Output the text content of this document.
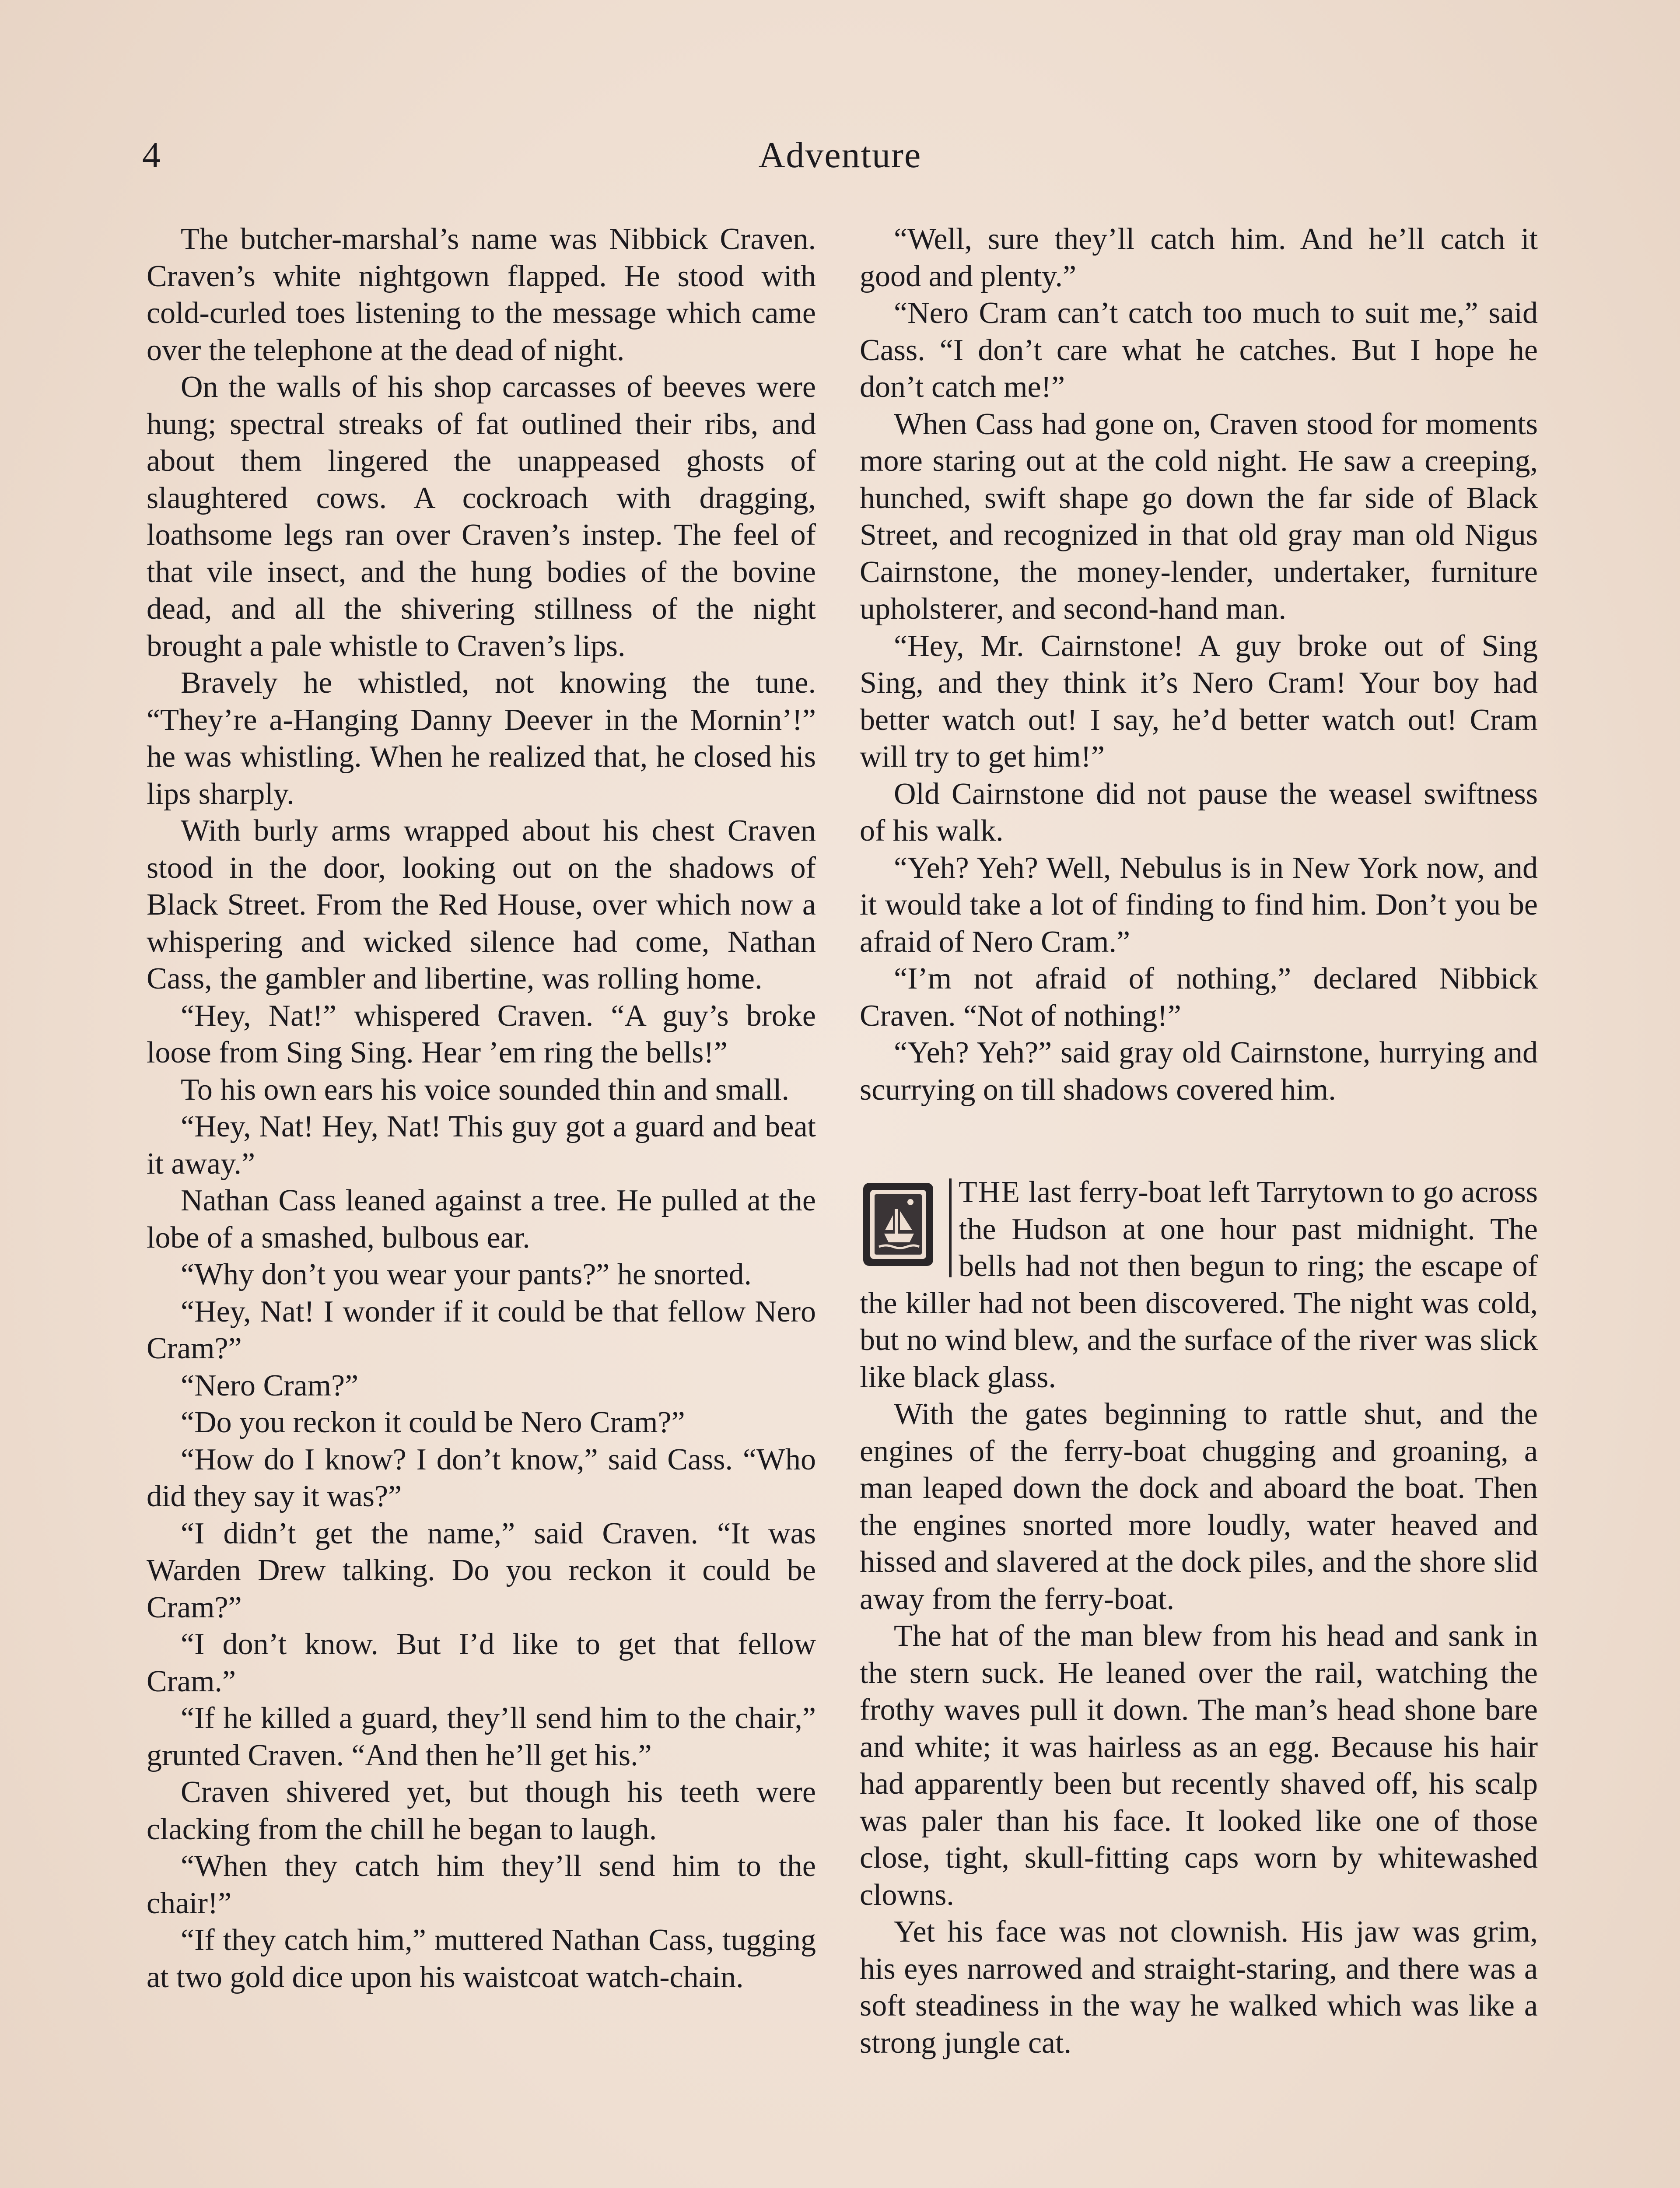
4	Adventure

The butcher-marshal’s name was Nibbick Craven. Craven’s white nightgown flapped. He stood with cold-curled toes listening to the message which came over the telephone at the dead of night.

On the walls of his shop carcasses of beeves were hung; spectral streaks of fat outlined their ribs, and about them lingered the unappeased ghosts of slaughtered cows. A cockroach with dragging, loathsome legs ran over Craven’s instep. The feel of that vile insect, and the hung bodies of the bovine dead, and all the shivering stillness of the night brought a pale whistle to Craven’s lips.

Bravely he whistled, not knowing the tune. “They’re a-Hanging Danny Deever in the Mornin’!” he was whistling. When he realized that, he closed his lips sharply.

With burly arms wrapped about his chest Craven stood in the door, looking out on the shadows of Black Street. From the Red House, over which now a whispering and wicked silence had come, Nathan Cass, the gambler and libertine, was rolling home.

“Hey, Nat!” whispered Craven. “A guy’s broke loose from Sing Sing. Hear ’em ring the bells!”

To his own ears his voice sounded thin and small.

“Hey, Nat! Hey, Nat! This guy got a guard and beat it away.”

Nathan Cass leaned against a tree. He pulled at the lobe of a smashed, bulbous ear.

“Why don’t you wear your pants?” he snorted.

“Hey, Nat! I wonder if it could be that fellow Nero Cram?”

“Nero Cram?”

“Do you reckon it could be Nero Cram?”

“How do I know? I don’t know,” said Cass. “Who did they say it was?”

“I didn’t get the name,” said Craven. “It was Warden Drew talking. Do you reckon it could be Cram?”

“I don’t know. But I’d like to get that fellow Cram.”

“If he killed a guard, they’ll send him to the chair,” grunted Craven. “And then he’ll get his.”

Craven shivered yet, but though his teeth were clacking from the chill he began to laugh.

“When they catch him they’ll send him to the chair!”

“If they catch him,” muttered Nathan Cass, tugging at two gold dice upon his waistcoat watch-chain.

“Well, sure they’ll catch him. And he’ll catch it good and plenty.”

“Nero Cram can’t catch too much to suit me,” said Cass. “I don’t care what he catches. But I hope he don’t catch me!”

When Cass had gone on, Craven stood for moments more staring out at the cold night. He saw a creeping, hunched, swift shape go down the far side of Black Street, and recognized in that old gray man old Nigus Cairnstone, the money-lender, undertaker, furniture upholsterer, and second-hand man.

“Hey, Mr. Cairnstone! A guy broke out of Sing Sing, and they think it’s Nero Cram! Your boy had better watch out! I say, he’d better watch out! Cram will try to get him!”

Old Cairnstone did not pause the weasel swiftness of his walk.

“Yeh? Yeh? Well, Nebulus is in New York now, and it would take a lot of finding to find him. Don’t you be afraid of Nero Cram.”

“I’m not afraid of nothing,” declared Nibbick Craven. “Not of nothing!”

“Yeh? Yeh?” said gray old Cairnstone, hurrying and scurrying on till shadows covered him.

THE last ferry-boat left Tarrytown to go across the Hudson at one hour past midnight. The bells had not then begun to ring; the escape of the killer had not been discovered. The night was cold, but no wind blew, and the surface of the river was slick like black glass.

With the gates beginning to rattle shut, and the engines of the ferry-boat chugging and groaning, a man leaped down the dock and aboard the boat. Then the engines snorted more loudly, water heaved and hissed and slavered at the dock piles, and the shore slid away from the ferry-boat.

The hat of the man blew from his head and sank in the stern suck. He leaned over the rail, watching the frothy waves pull it down. The man’s head shone bare and white; it was hairless as an egg. Because his hair had apparently been but recently shaved off, his scalp was paler than his face. It looked like one of those close, tight, skull-fitting caps worn by whitewashed clowns.

Yet his face was not clownish. His jaw was grim, his eyes narrowed and straight-staring, and there was a soft steadiness in the way he walked which was like a strong jungle cat.
